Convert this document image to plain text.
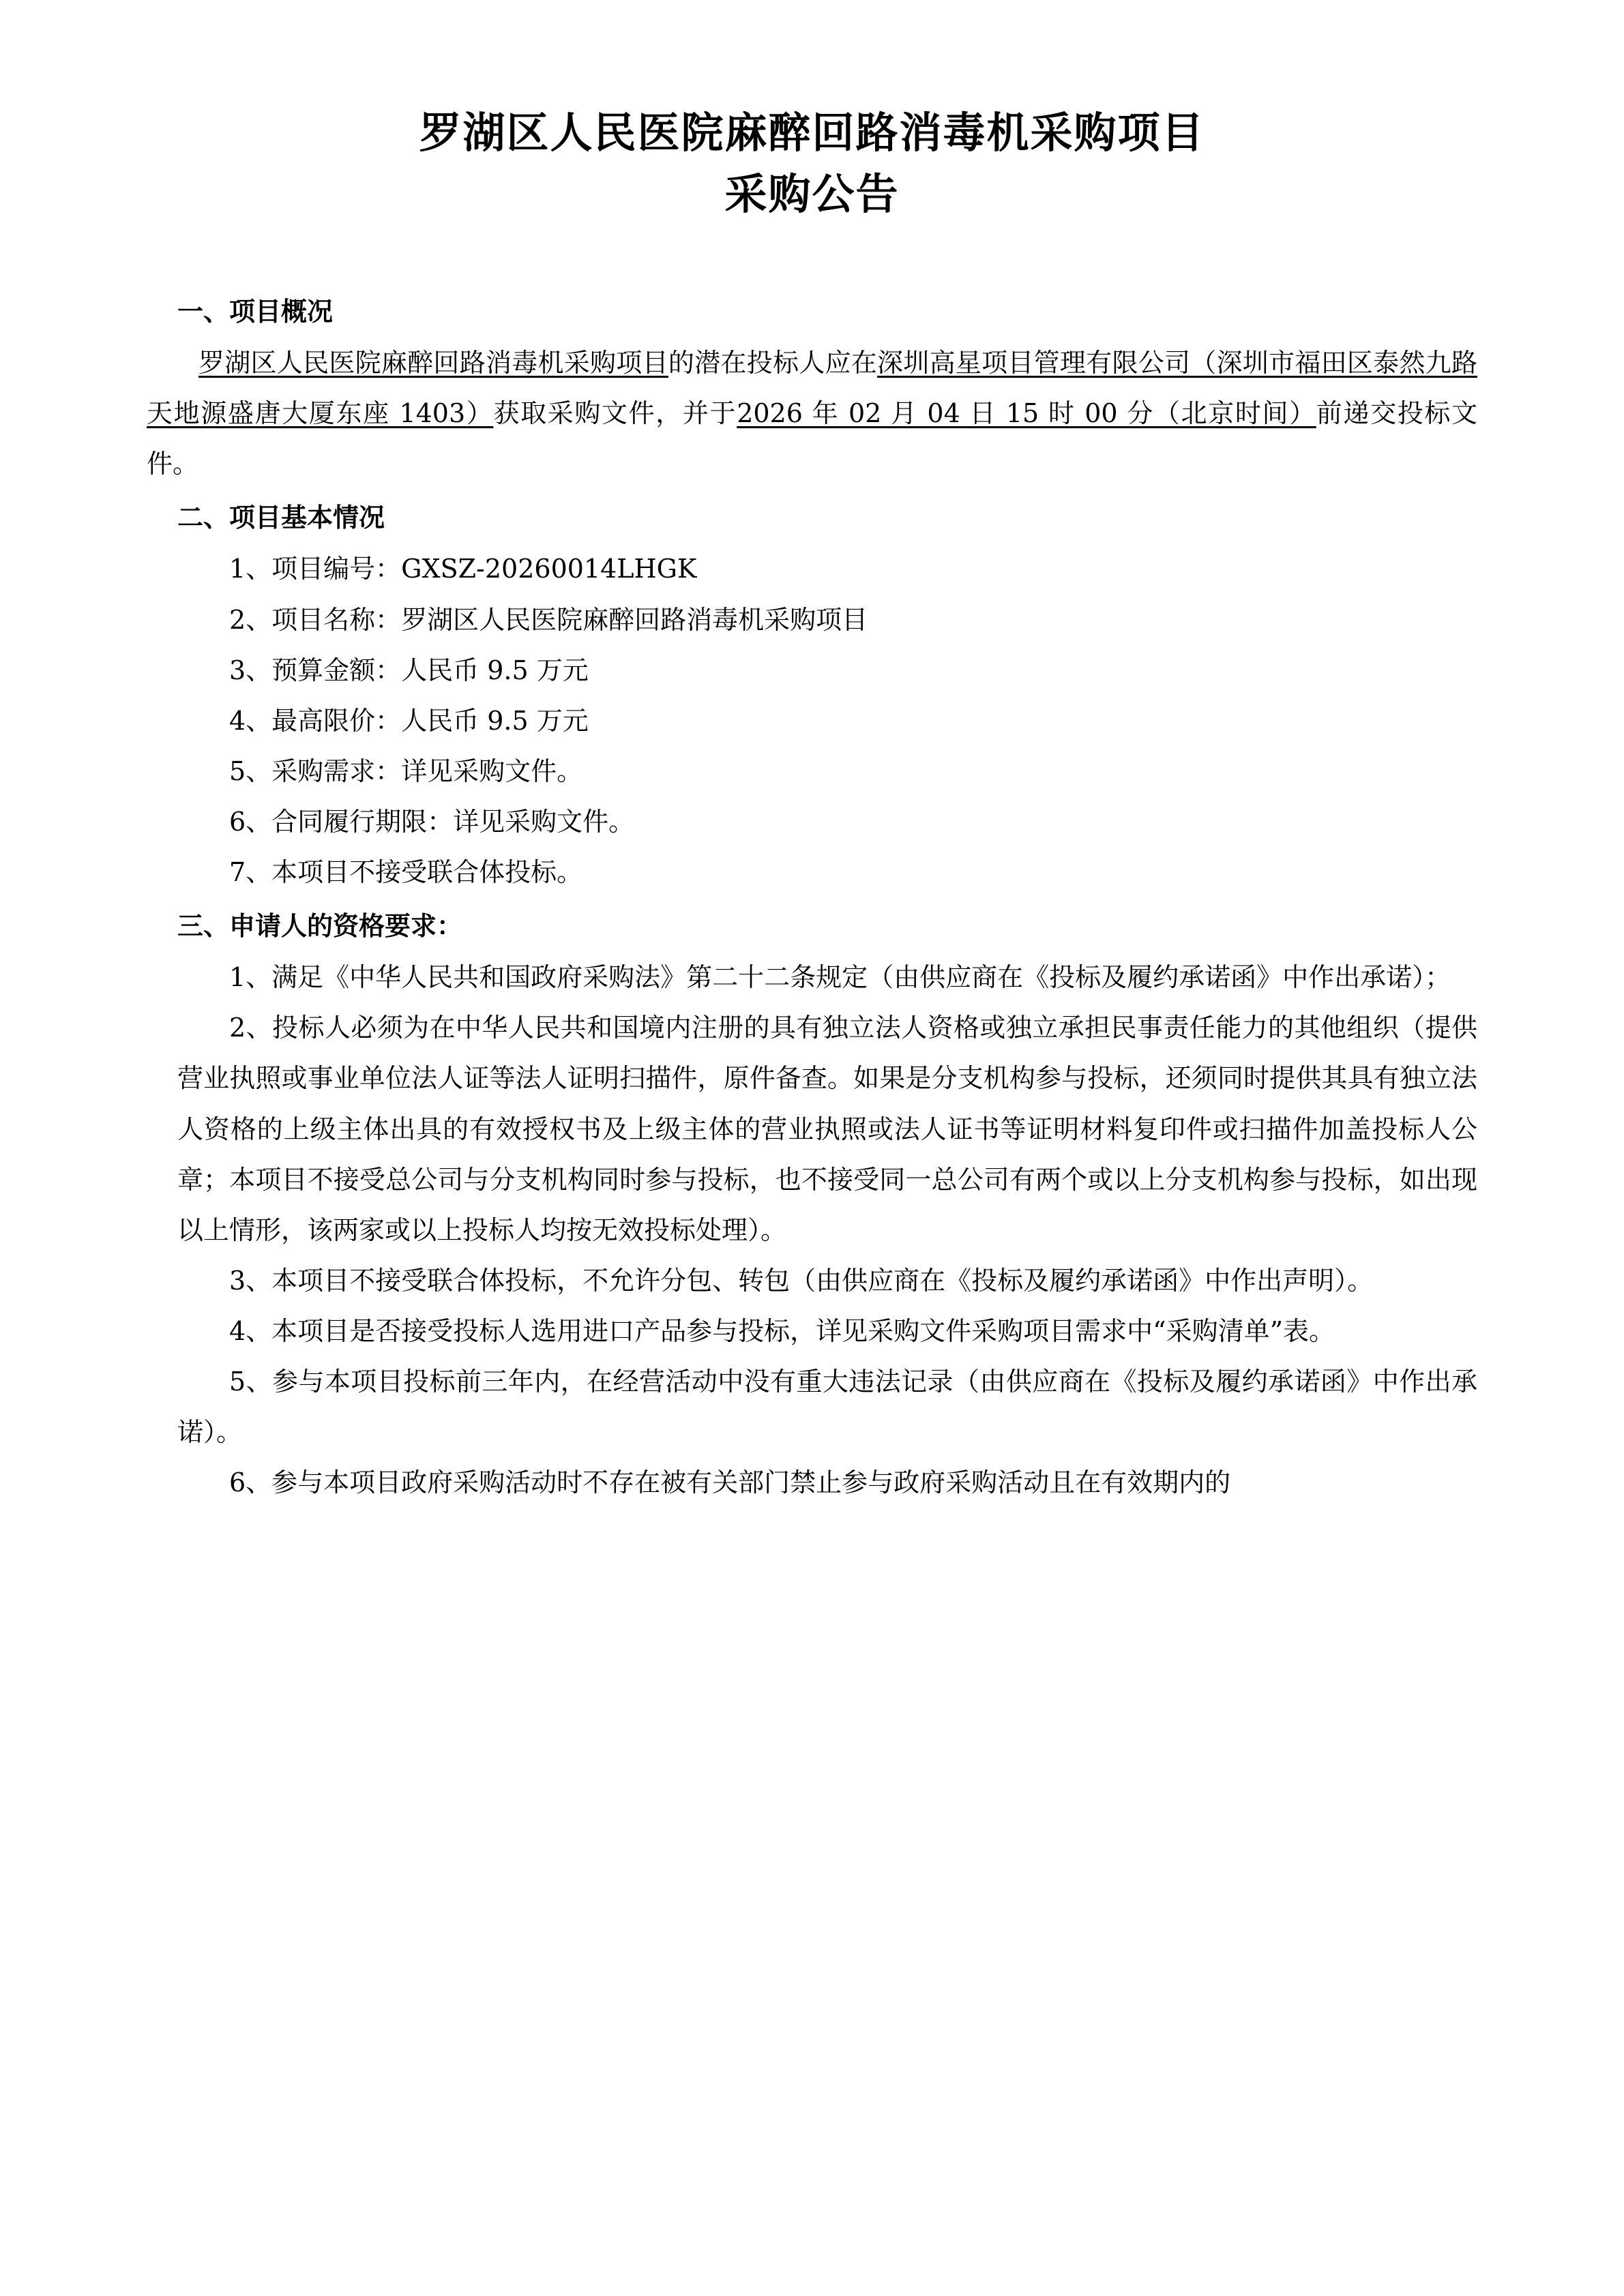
罗湖区人民医院麻醉回路消毒机采购项目
采购公告
一、项目概况

罗湖区人民医院麻醉回路消毒机采购项目的潜在投标人应在深圳高星项目管理有限公司（深圳市福田区泰然九路天地源盛唐大厦东座 1403）获取采购文件，并于2026 年 02 月 04 日 15 时 00 分（北京时间）前递交投标文件。

二、项目基本情况

1、项目编号：GXSZ-20260014LHGK

2、项目名称：罗湖区人民医院麻醉回路消毒机采购项目

3、预算金额：人民币 9.5 万元

4、最高限价：人民币 9.5 万元

5、采购需求：详见采购文件。

6、合同履行期限：详见采购文件。

7、本项目不接受联合体投标。

三、申请人的资格要求：

1、满足《中华人民共和国政府采购法》第二十二条规定（由供应商在《投标及履约承诺函》中作出承诺）；

2、投标人必须为在中华人民共和国境内注册的具有独立法人资格或独立承担民事责任能力的其他组织（提供营业执照或事业单位法人证等法人证明扫描件，原件备查。如果是分支机构参与投标，还须同时提供其具有独立法人资格的上级主体出具的有效授权书及上级主体的营业执照或法人证书等证明材料复印件或扫描件加盖投标人公章；本项目不接受总公司与分支机构同时参与投标，也不接受同一总公司有两个或以上分支机构参与投标，如出现以上情形，该两家或以上投标人均按无效投标处理）。

3、本项目不接受联合体投标，不允许分包、转包（由供应商在《投标及履约承诺函》中作出声明）。

4、本项目是否接受投标人选用进口产品参与投标，详见采购文件采购项目需求中“采购清单”表。

5、参与本项目投标前三年内，在经营活动中没有重大违法记录（由供应商在《投标及履约承诺函》中作出承诺）。

6、参与本项目政府采购活动时不存在被有关部门禁止参与政府采购活动且在有效期内的
